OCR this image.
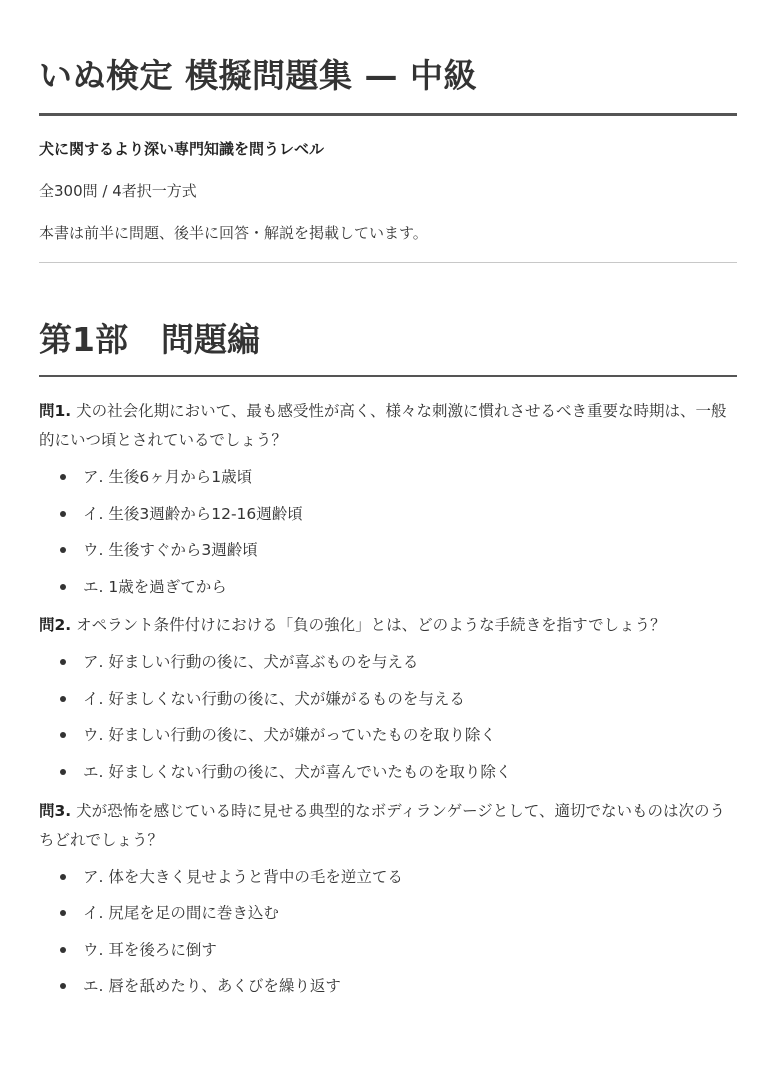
いぬ検定 模擬問題集 — 中級

犬に関するより深い専門知識を問うレベル

全300問 / 4者択一方式

本書は前半に問題、後半に回答・解説を掲載しています。

第1部　問題編

問1. 犬の社会化期において、最も感受性が高く、様々な刺激に慣れさせるべき重要な時期は、一般的にいつ頃とされているでしょう？

ア. 生後6ヶ月から1歳頃
イ. 生後3週齢から12-16週齢頃
ウ. 生後すぐから3週齢頃
エ. 1歳を過ぎてから

問2. オペラント条件付けにおける「負の強化」とは、どのような手続きを指すでしょう？

ア. 好ましい行動の後に、犬が喜ぶものを与える
イ. 好ましくない行動の後に、犬が嫌がるものを与える
ウ. 好ましい行動の後に、犬が嫌がっていたものを取り除く
エ. 好ましくない行動の後に、犬が喜んでいたものを取り除く

問3. 犬が恐怖を感じている時に見せる典型的なボディランゲージとして、適切でないものは次のうちどれでしょう？

ア. 体を大きく見せようと背中の毛を逆立てる
イ. 尻尾を足の間に巻き込む
ウ. 耳を後ろに倒す
エ. 唇を舐めたり、あくびを繰り返す
